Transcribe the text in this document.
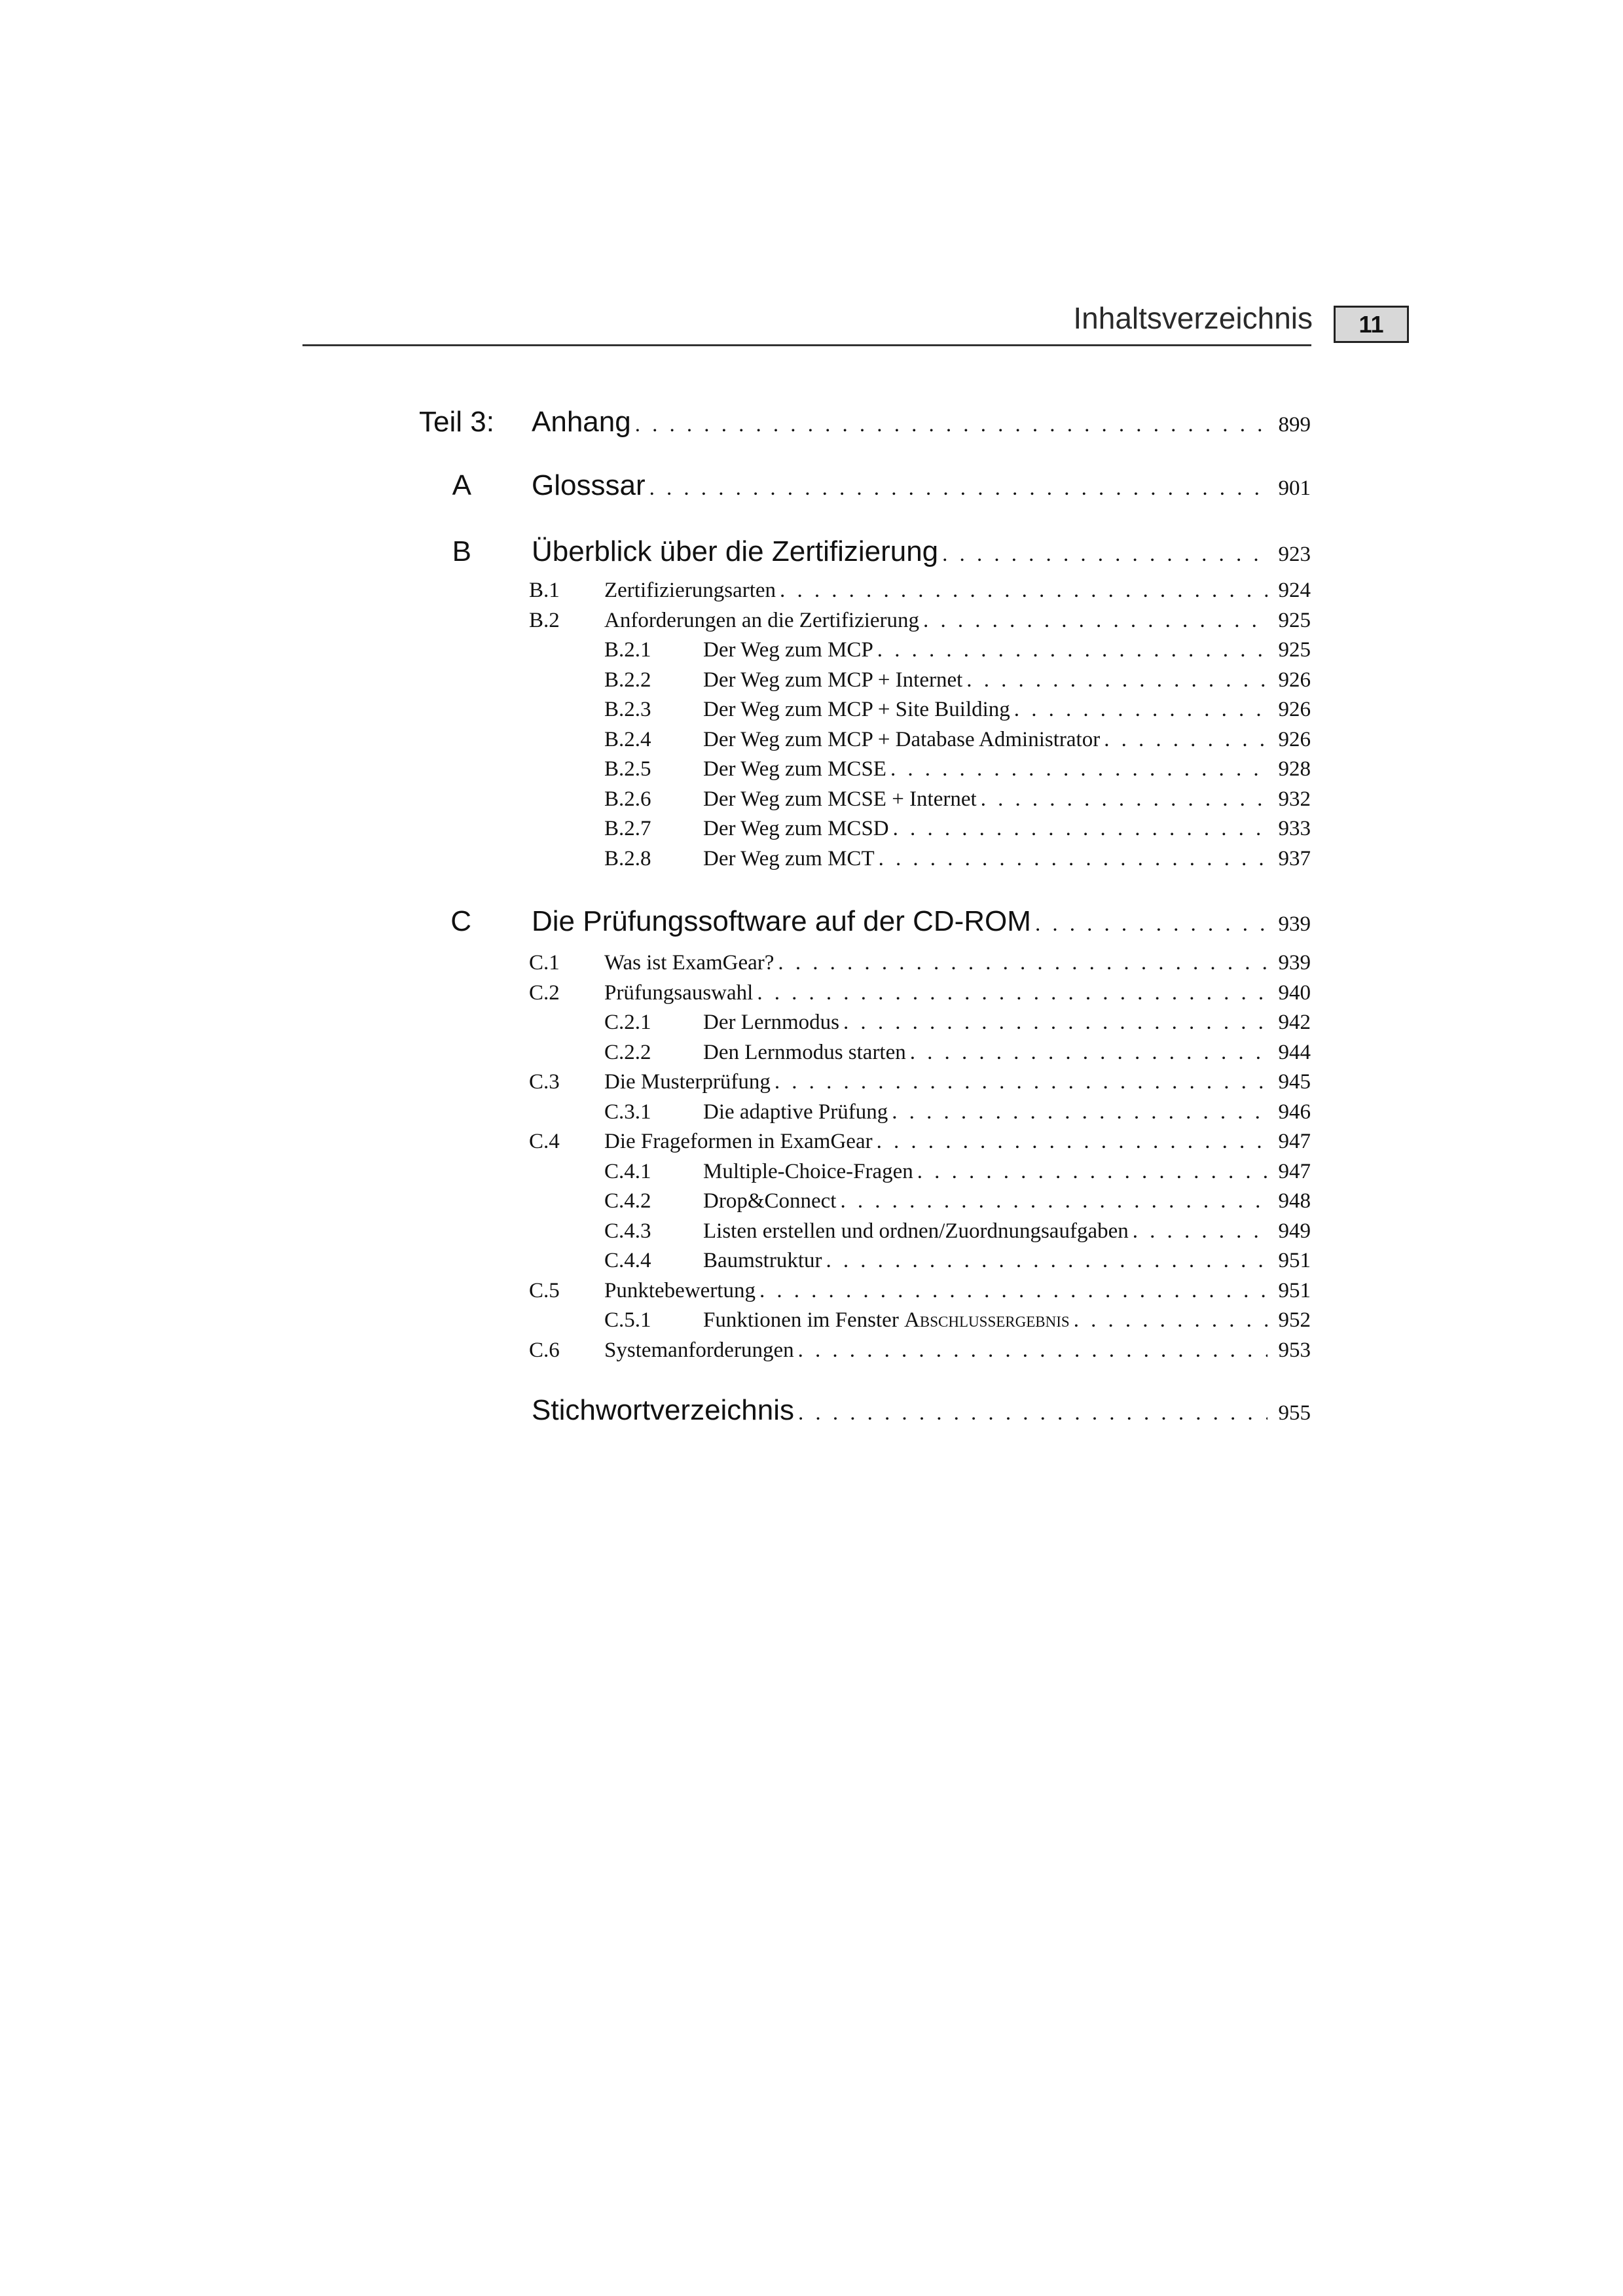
Inhaltsverzeichnis 11
Teil 3:	Anhang . . .	899
A	Glosssar . . .	901
B	Überblick über die Zertifizierung . . .	923
B.1	Zertifizierungsarten . . .	924
B.2	Anforderungen an die Zertifizierung . . .	925
B.2.1	Der Weg zum MCP . . .	925
B.2.2	Der Weg zum MCP + Internet . . .	926
B.2.3	Der Weg zum MCP + Site Building . . .	926
B.2.4	Der Weg zum MCP + Database Administrator . . .	926
B.2.5	Der Weg zum MCSE . . .	928
B.2.6	Der Weg zum MCSE + Internet . . .	932
B.2.7	Der Weg zum MCSD . . .	933
B.2.8	Der Weg zum MCT . . .	937
C	Die Prüfungssoftware auf der CD-ROM . . .	939
C.1	Was ist ExamGear? . . .	939
C.2	Prüfungsauswahl . . .	940
C.2.1	Der Lernmodus . . .	942
C.2.2	Den Lernmodus starten . . .	944
C.3	Die Musterprüfung . . .	945
C.3.1	Die adaptive Prüfung . . .	946
C.4	Die Frageformen in ExamGear . . .	947
C.4.1	Multiple-Choice-Fragen . . .	947
C.4.2	Drop&Connect . . .	948
C.4.3	Listen erstellen und ordnen/Zuordnungsaufgaben . . .	949
C.4.4	Baumstruktur . . .	951
C.5	Punktebewertung . . .	951
C.5.1	Funktionen im Fenster Abschlussergebnis . . .	952
C.6	Systemanforderungen . . .	953
Stichwortverzeichnis . . .	955
